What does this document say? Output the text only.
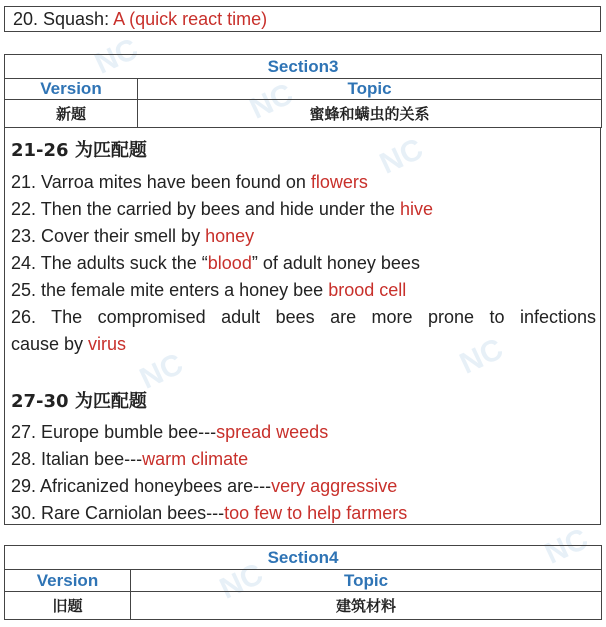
NC
NC
NC
NC	NC
NC
NC
20. Squash: A (quick react time)
Section3	
Version	Topic
新题	蜜蜂和螨虫的关系
21-26 为匹配题
21. Varroa mites have been found on flowers
22. Then the carried by bees and hide under the hive
23. Cover their smell by honey
24. The adults suck the “blood” of adult honey bees
25. the female mite enters a honey bee brood cell
26. The compromised adult bees are more prone to infections
cause by virus
27-30 为匹配题
27. Europe bumble bee---spread weeds
28. Italian bee---warm climate
29. Africanized honeybees are---very aggressive
30. Rare Carniolan bees---too few to help farmers
Section4	
Version	Topic
旧题	建筑材料
